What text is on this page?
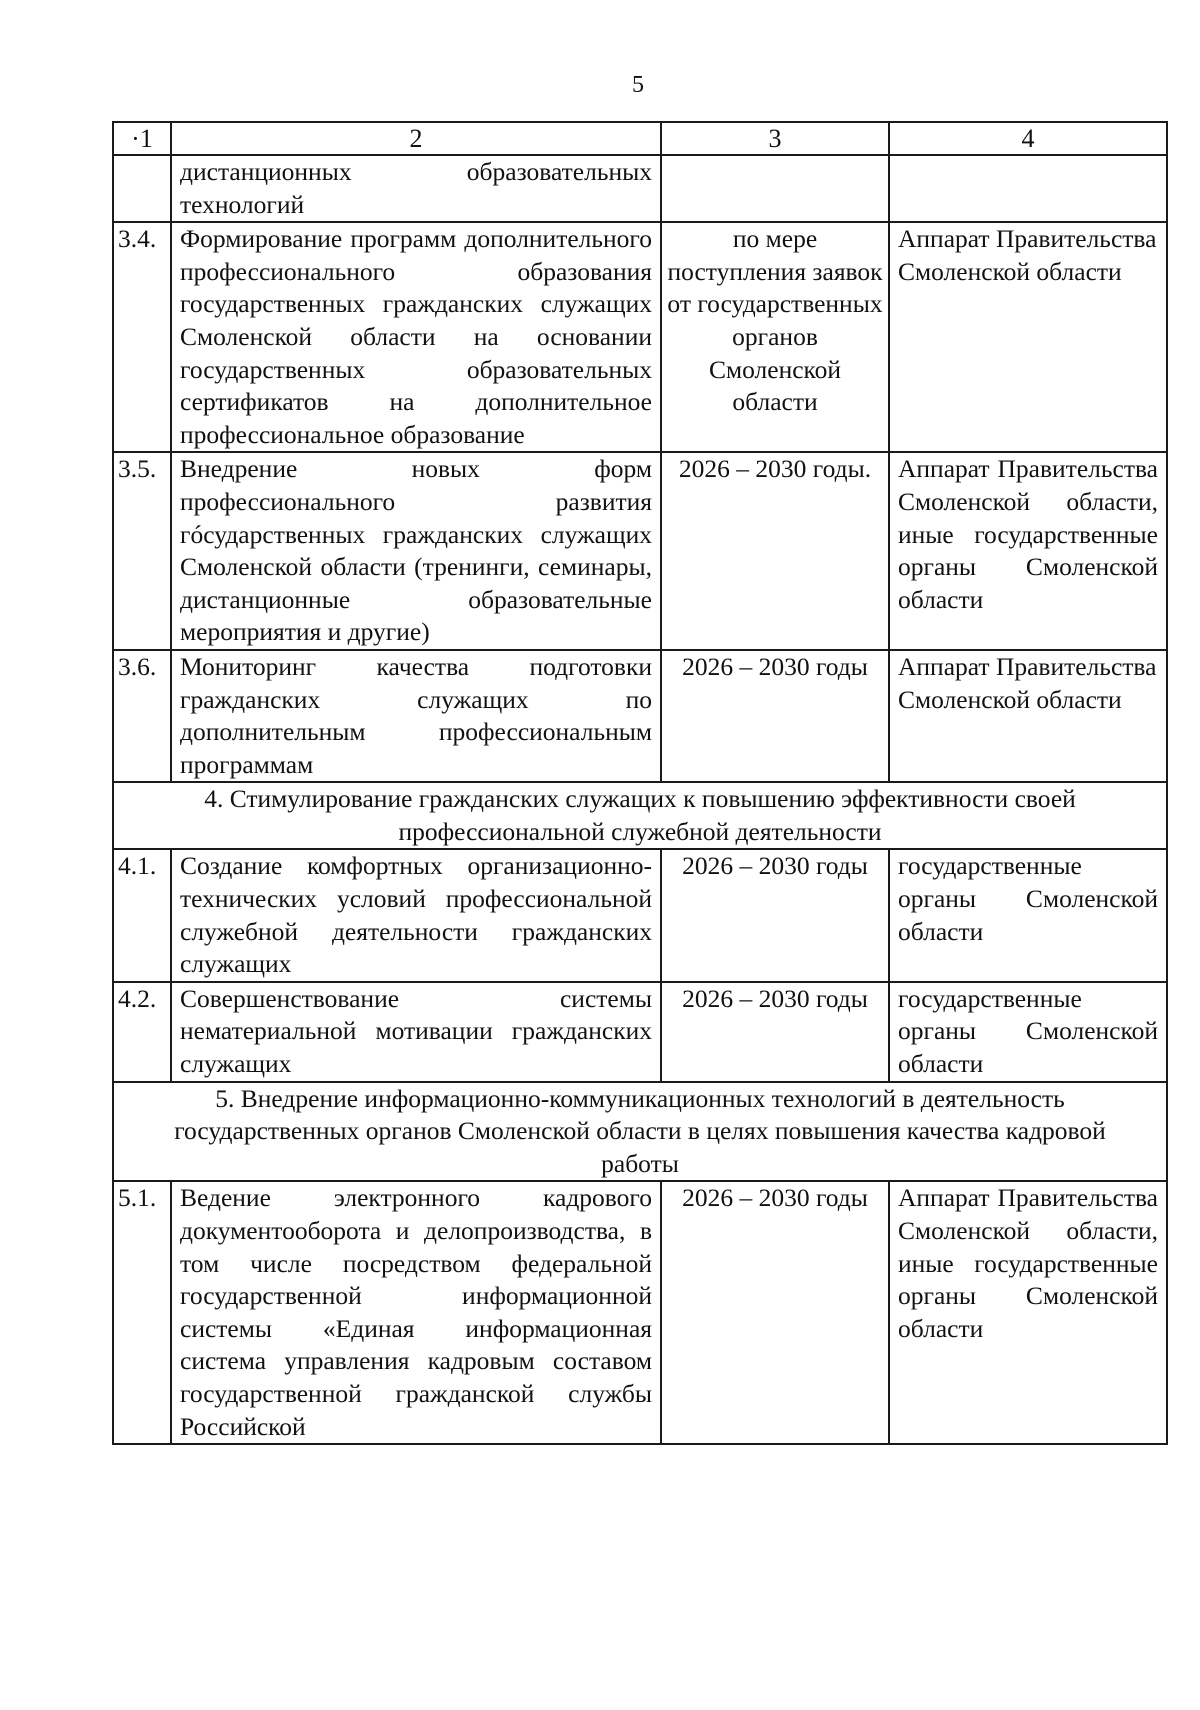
5
·1	2	3	4
	дистанционных образовательных технологий		
3.4.	Формирование программ дополнительного профессионального образования государственных гражданских служащих Смоленской области на основании государственных образовательных сертификатов на дополнительное профессиональное образование	по мере поступления заявок от государственных органов Смоленской области	Аппарат Правительства Смоленской области
3.5.	Внедрение новых форм профессионального развития гóсударственных гражданских служащих Смоленской области (тренинги, семинары, дистанционные образовательные мероприятия и другие)	2026 – 2030 годы.	Аппарат Правительства Смоленской области, иные государственные органы Смоленской области
3.6.	Мониторинг качества подготовки гражданских служащих по дополнительным профессиональным программам	2026 – 2030 годы	Аппарат Правительства Смоленской области
4. Стимулирование гражданских служащих к повышению эффективности своей профессиональной служебной деятельности			
4.1.	Создание комфортных организационно-технических условий профессиональной служебной деятельности гражданских служащих	2026 – 2030 годы	государственные органы Смоленской области
4.2.	Совершенствование системы нематериальной мотивации гражданских служащих	2026 – 2030 годы	государственные органы Смоленской области
5. Внедрение информационно-коммуникационных технологий в деятельность государственных органов Смоленской области в целях повышения качества кадровой работы			
5.1.	Ведение электронного кадрового документооборота и делопроизводства, в том числе посредством федеральной государственной информационной системы «Единая информационная система управления кадровым составом государственной гражданской службы Российской	2026 – 2030 годы	Аппарат Правительства Смоленской области, иные государственные органы Смоленской области
